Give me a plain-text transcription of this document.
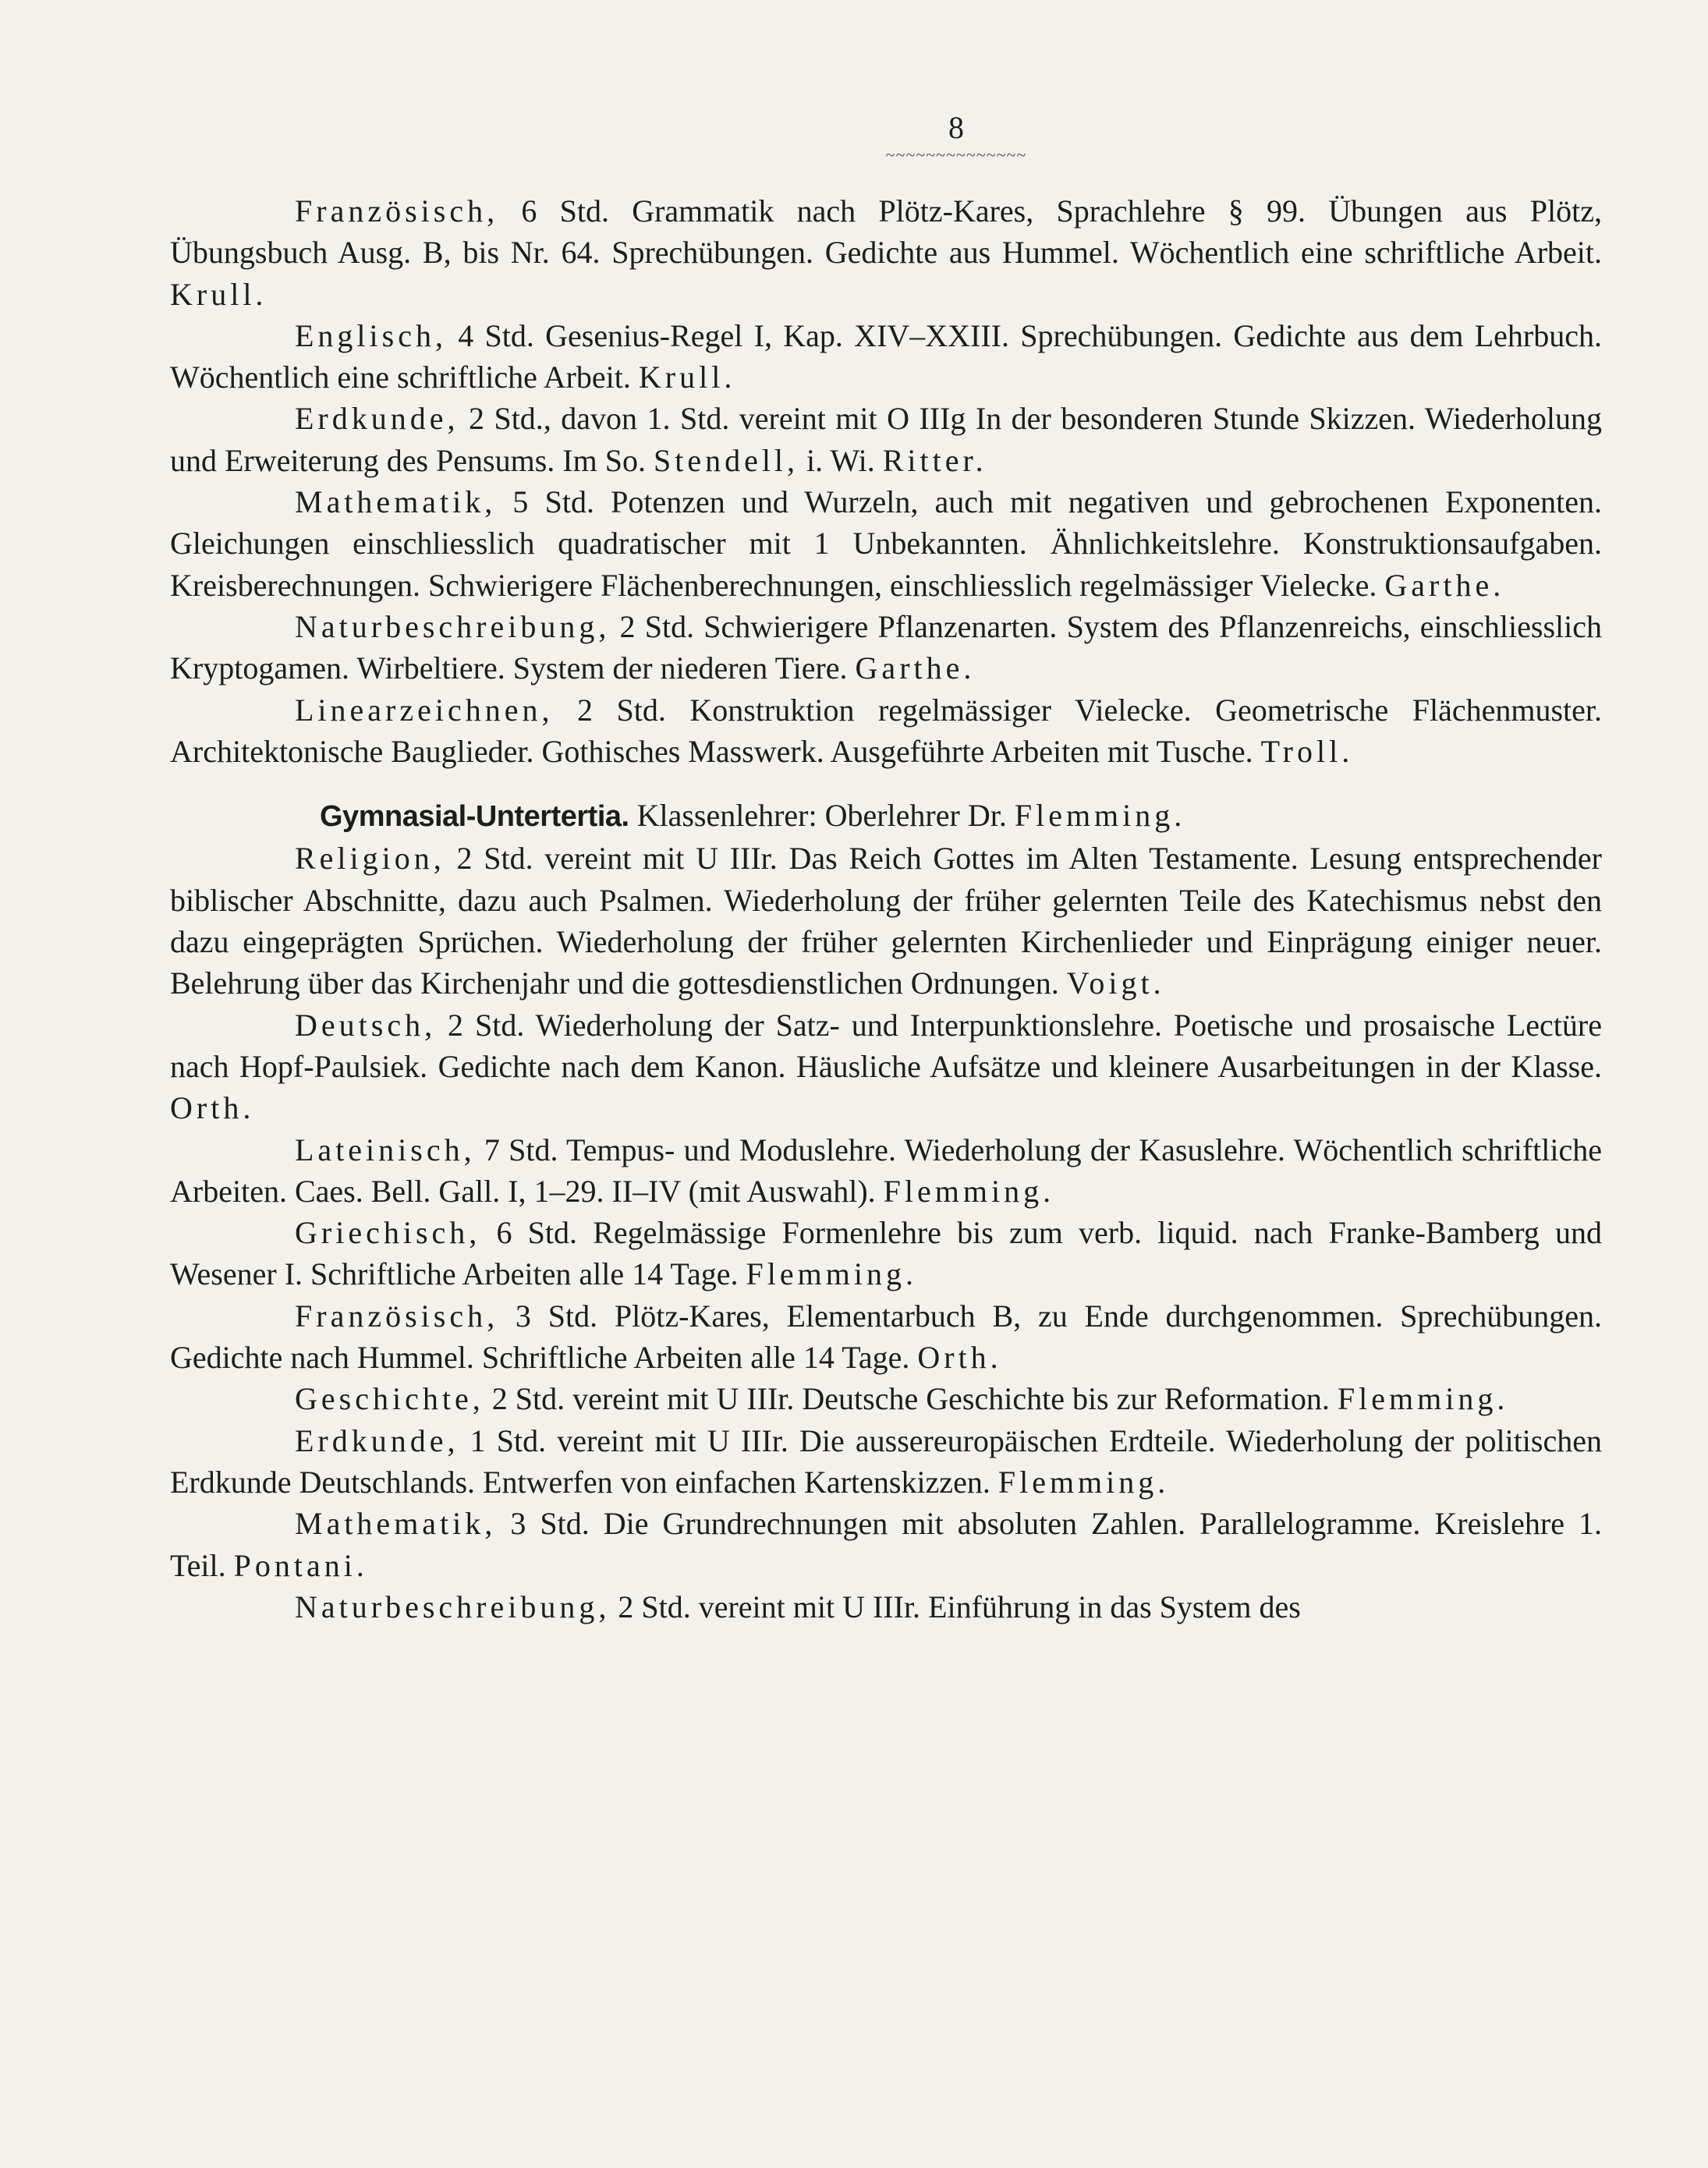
8

~~~~~~~~~~~~~~

Französisch, 6 Std. Grammatik nach Plötz-Kares, Sprachlehre § 99. Übungen aus Plötz, Übungsbuch Ausg. B, bis Nr. 64. Sprechübungen. Gedichte aus Hummel. Wöchentlich eine schriftliche Arbeit. Krull.

Englisch, 4 Std. Gesenius-Regel I, Kap. XIV–XXIII. Sprechübungen. Gedichte aus dem Lehrbuch. Wöchentlich eine schriftliche Arbeit. Krull.

Erdkunde, 2 Std., davon 1. Std. vereint mit O IIIg In der besonderen Stunde Skizzen. Wiederholung und Erweiterung des Pensums. Im So. Stendell, i. Wi. Ritter.

Mathematik, 5 Std. Potenzen und Wurzeln, auch mit negativen und gebrochenen Exponenten. Gleichungen einschliesslich quadratischer mit 1 Unbekannten. Ähnlichkeitslehre. Konstruktionsaufgaben. Kreisberechnungen. Schwierigere Flächenberechnungen, einschliesslich regelmässiger Vielecke. Garthe.

Naturbeschreibung, 2 Std. Schwierigere Pflanzenarten. System des Pflanzenreichs, einschliesslich Kryptogamen. Wirbeltiere. System der niederen Tiere. Garthe.

Linearzeichnen, 2 Std. Konstruktion regelmässiger Vielecke. Geometrische Flächenmuster. Architektonische Bauglieder. Gothisches Masswerk. Ausgeführte Arbeiten mit Tusche. Troll.

Gymnasial-Untertertia. Klassenlehrer: Oberlehrer Dr. Flemming.

Religion, 2 Std. vereint mit U IIIr. Das Reich Gottes im Alten Testamente. Lesung entsprechender biblischer Abschnitte, dazu auch Psalmen. Wiederholung der früher gelernten Teile des Katechismus nebst den dazu eingeprägten Sprüchen. Wiederholung der früher gelernten Kirchenlieder und Einprägung einiger neuer. Belehrung über das Kirchenjahr und die gottesdienstlichen Ordnungen. Voigt.

Deutsch, 2 Std. Wiederholung der Satz- und Interpunktionslehre. Poetische und prosaische Lectüre nach Hopf-Paulsiek. Gedichte nach dem Kanon. Häusliche Aufsätze und kleinere Ausarbeitungen in der Klasse. Orth.

Lateinisch, 7 Std. Tempus- und Moduslehre. Wiederholung der Kasuslehre. Wöchentlich schriftliche Arbeiten. Caes. Bell. Gall. I, 1–29. II–IV (mit Auswahl). Flemming.

Griechisch, 6 Std. Regelmässige Formenlehre bis zum verb. liquid. nach Franke-Bamberg und Wesener I. Schriftliche Arbeiten alle 14 Tage. Flemming.

Französisch, 3 Std. Plötz-Kares, Elementarbuch B, zu Ende durchgenommen. Sprechübungen. Gedichte nach Hummel. Schriftliche Arbeiten alle 14 Tage. Orth.

Geschichte, 2 Std. vereint mit U IIIr. Deutsche Geschichte bis zur Reformation. Flemming.

Erdkunde, 1 Std. vereint mit U IIIr. Die aussereuropäischen Erdteile. Wiederholung der politischen Erdkunde Deutschlands. Entwerfen von einfachen Kartenskizzen. Flemming.

Mathematik, 3 Std. Die Grundrechnungen mit absoluten Zahlen. Parallelogramme. Kreislehre 1. Teil. Pontani.

Naturbeschreibung, 2 Std. vereint mit U IIIr. Einführung in das System des
